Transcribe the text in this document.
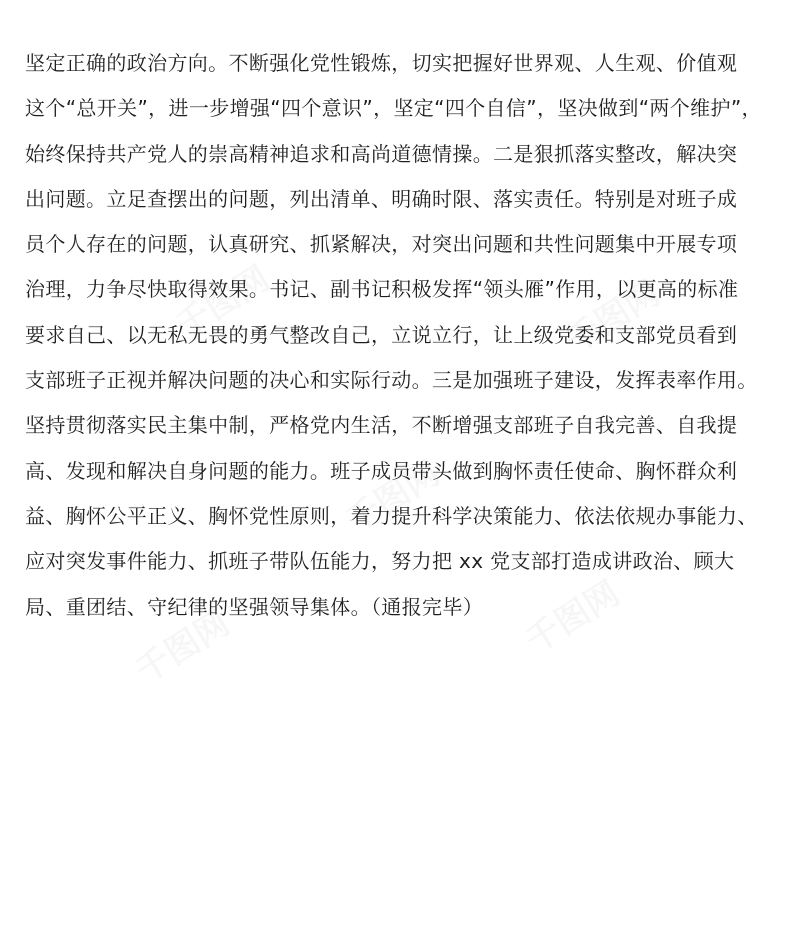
坚定正确的政治方向。不断强化党性锻炼，切实把握好世界观、人生观、价值观
这个“总开关”，进一步增强“四个意识”，坚定“四个自信”，坚决做到“两个维护”，
始终保持共产党人的崇高精神追求和高尚道德情操。二是狠抓落实整改，解决突
出问题。立足查摆出的问题，列出清单、明确时限、落实责任。特别是对班子成
员个人存在的问题，认真研究、抓紧解决，对突出问题和共性问题集中开展专项
治理，力争尽快取得效果。书记、副书记积极发挥“领头雁”作用，以更高的标准
要求自己、以无私无畏的勇气整改自己，立说立行，让上级党委和支部党员看到
支部班子正视并解决问题的决心和实际行动。三是加强班子建设，发挥表率作用。
坚持贯彻落实民主集中制，严格党内生活，不断增强支部班子自我完善、自我提
高、发现和解决自身问题的能力。班子成员带头做到胸怀责任使命、胸怀群众利
益、胸怀公平正义、胸怀党性原则，着力提升科学决策能力、依法依规办事能力、
应对突发事件能力、抓班子带队伍能力，努力把 xx 党支部打造成讲政治、顾大
局、重团结、守纪律的坚强领导集体。（通报完毕）
